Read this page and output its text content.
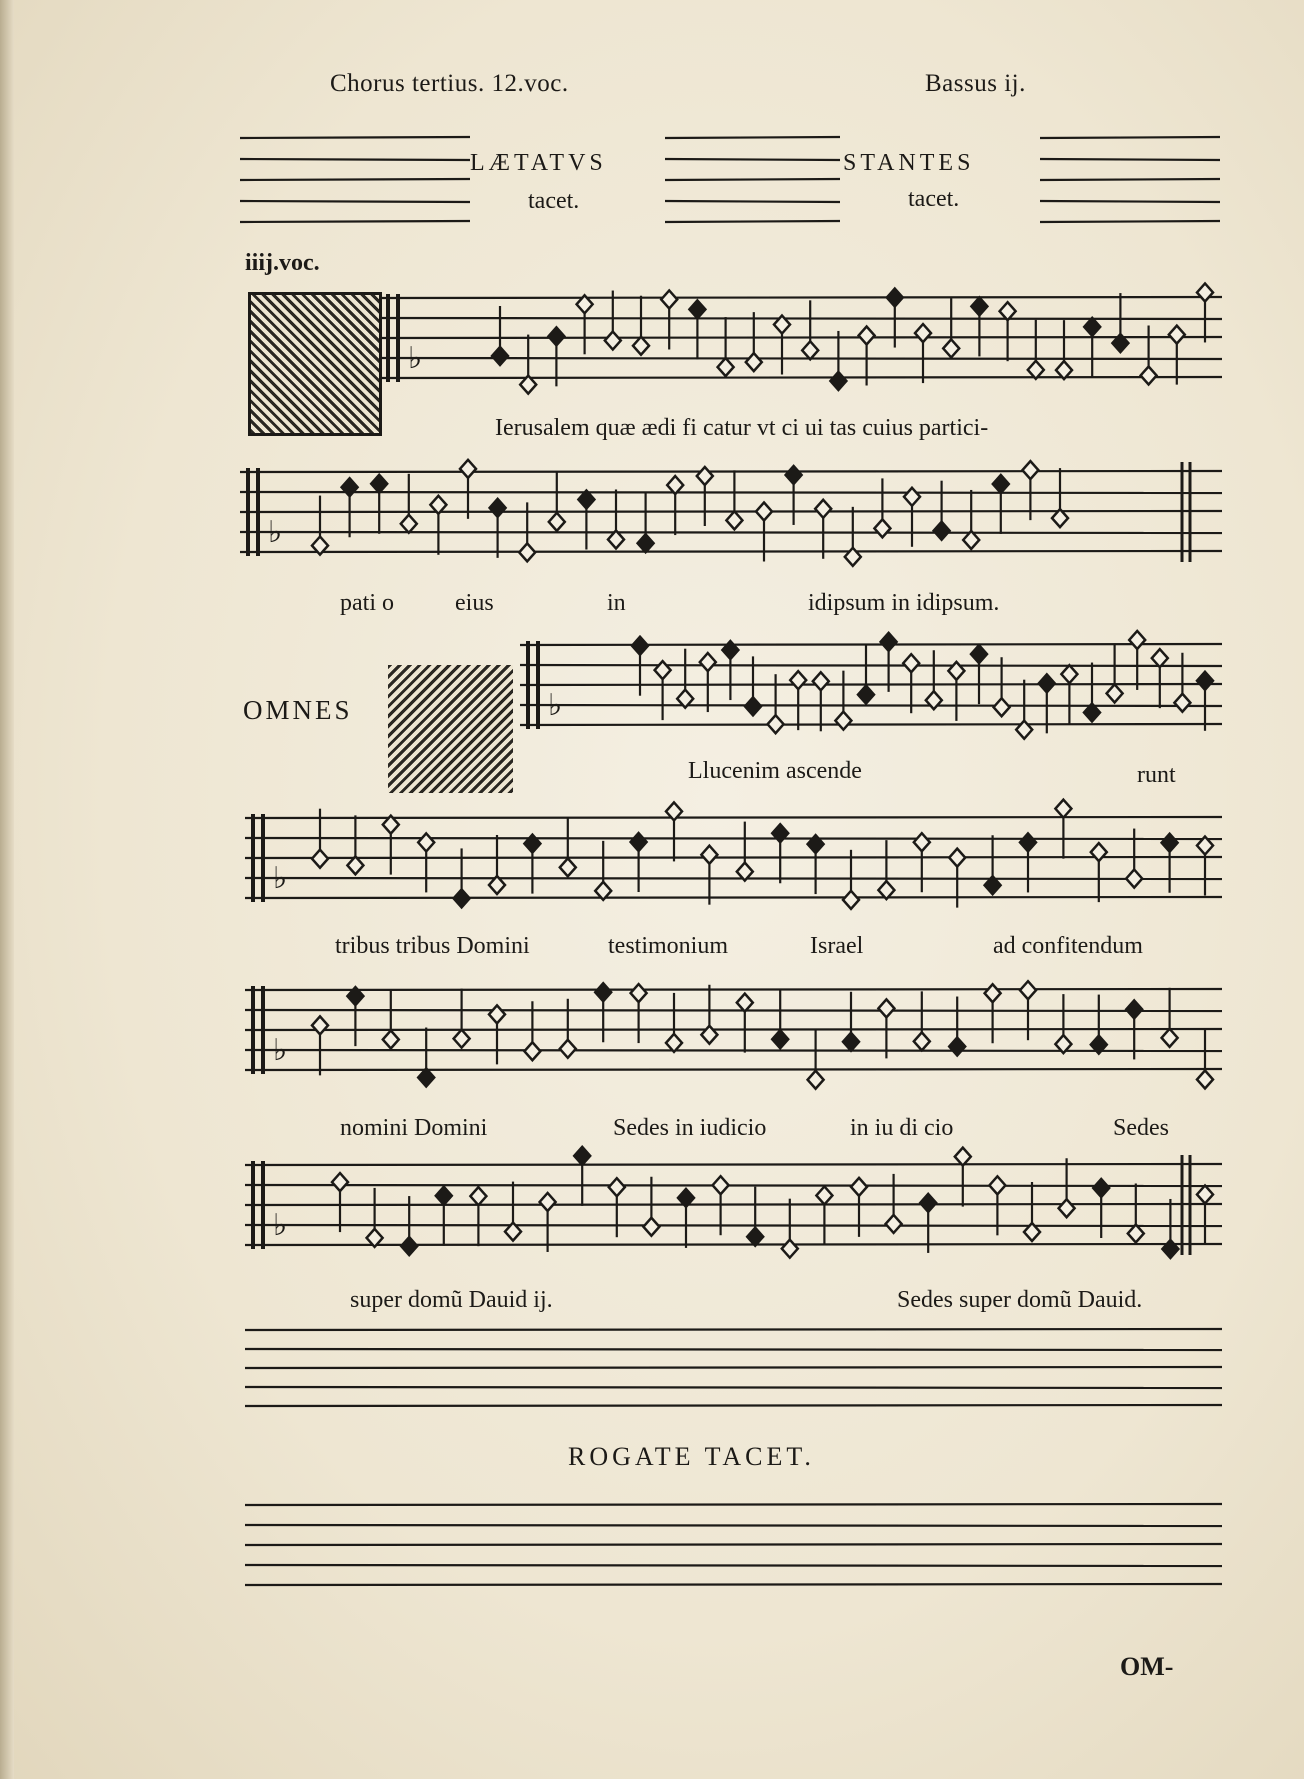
Chorus tertius. 12.voc.	Bassus ij.
LÆTATVS
tacet.
STANTES
tacet.
iiij.voc.
♭
♭
♭
♭
♭
♭
Ierusalem quæ ædi fi catur vt ci ui tas cuius partici-
pati o	eius	in	idipsum in idipsum.
OMNES
Llucenim ascende	runt
tribus tribus Domini	testimonium	Israel	ad confitendum
nomini Domini	Sedes in iudicio	in iu di cio	Sedes
super domũ Dauid ij.	Sedes super domũ Dauid.
ROGATE TACET.
OM-
